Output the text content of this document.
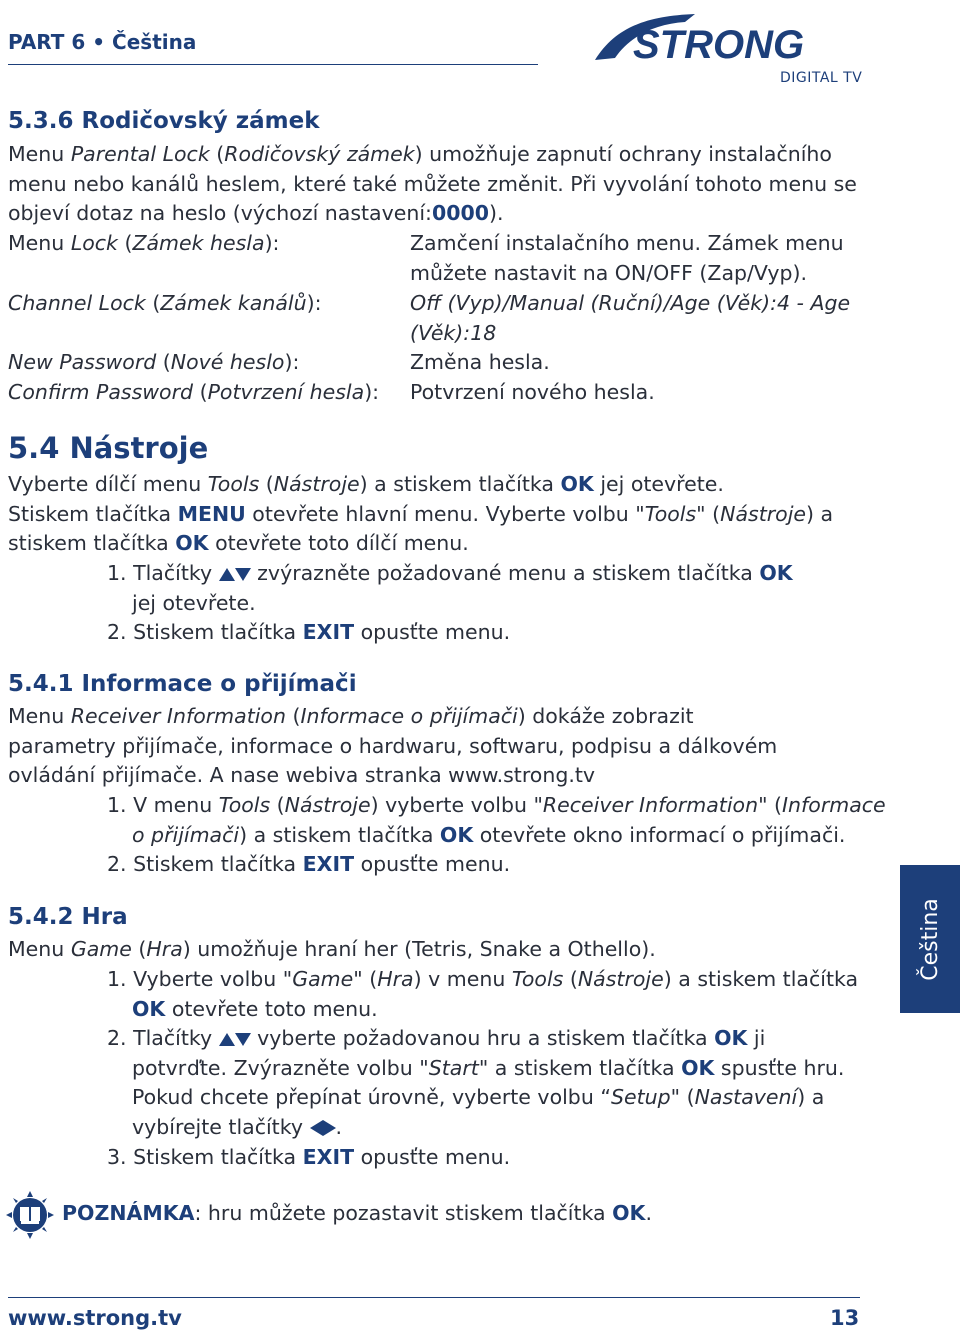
PART 6 • Čeština	STRONG
DIGITAL TV
5.3.6 Rodičovský zámek
Menu Parental Lock (Rodičovský zámek) umožňuje zapnutí ochrany instalačního
menu nebo kanálů heslem, které také můžete změnit. Při vyvolání tohoto menu se
objeví dotaz na heslo (výchozí nastavení:0000).
Menu Lock (Zámek hesla):	Zamčení instalačního menu. Zámek menu
můžete nastavit na ON/OFF (Zap/Vyp).
Channel Lock (Zámek kanálů):	Off (Vyp)/Manual (Ruční)/Age (Věk):4 - Age
(Věk):18
New Password (Nové heslo):	Změna hesla.
Confirm Password (Potvrzení hesla): Potvrzení nového hesla.
5.4 Nástroje
Vyberte dílčí menu Tools (Nástroje) a stiskem tlačítka OK jej otevřete.
Stiskem tlačítka MENU otevřete hlavní menu. Vyberte volbu "Tools" (Nástroje) a
stiskem tlačítka OK otevřete toto dílčí menu.
1. Tlačítky  zvýrazněte požadované menu a stiskem tlačítka OK
jej otevřete.
2. Stiskem tlačítka EXIT opusťte menu.
5.4.1 Informace o přijímači
Menu Receiver Information (Informace o přijímači) dokáže zobrazit
parametry přijímače, informace o hardwaru, softwaru, podpisu a dálkovém
ovládání přijímače. A nase webiva stranka www.strong.tv
1. V menu Tools (Nástroje) vyberte volbu "Receiver Information" (Informace
o přijímači) a stiskem tlačítka OK otevřete okno informací o přijímači.
2. Stiskem tlačítka EXIT opusťte menu.
5.4.2 Hra
Menu Game (Hra) umožňuje hraní her (Tetris, Snake a Othello).
1. Vyberte volbu "Game" (Hra) v menu Tools (Nástroje) a stiskem tlačítka
OK otevřete toto menu.
2. Tlačítky  vyberte požadovanou hru a stiskem tlačítka OK ji
potvrďte. Zvýrazněte volbu "Start" a stiskem tlačítka OK spusťte hru.
Pokud chcete přepínat úrovně, vyberte volbu “Setup" (Nastavení) a
vybírejte tlačítky .
3. Stiskem tlačítka EXIT opusťte menu.
POZNÁMKA: hru můžete pozastavit stiskem tlačítka OK.
Čeština
www.strong.tv	13
